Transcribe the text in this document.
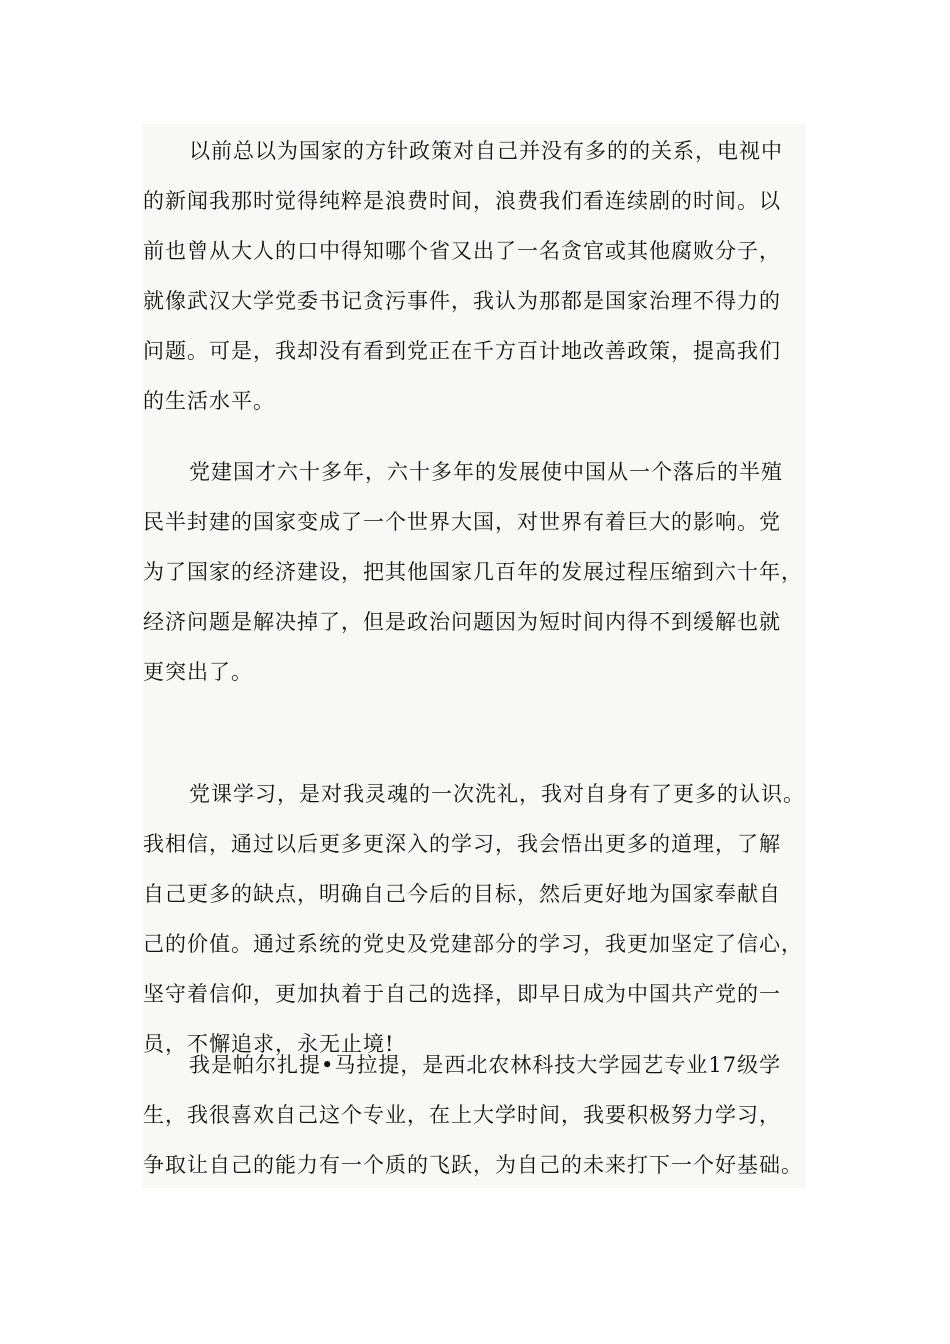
以前总以为国家的方针政策对自己并没有多的的关系，电视中
的新闻我那时觉得纯粹是浪费时间，浪费我们看连续剧的时间。以
前也曾从大人的口中得知哪个省又出了一名贪官或其他腐败分子，
就像武汉大学党委书记贪污事件，我认为那都是国家治理不得力的
问题。可是，我却没有看到党正在千方百计地改善政策，提高我们
的生活水平。
党建国才六十多年，六十多年的发展使中国从一个落后的半殖
民半封建的国家变成了一个世界大国，对世界有着巨大的影响。党
为了国家的经济建设，把其他国家几百年的发展过程压缩到六十年，
经济问题是解决掉了，但是政治问题因为短时间内得不到缓解也就
更突出了。
党课学习，是对我灵魂的一次洗礼，我对自身有了更多的认识。
我相信，通过以后更多更深入的学习，我会悟出更多的道理，了解
自己更多的缺点，明确自己今后的目标，然后更好地为国家奉献自
己的价值。通过系统的党史及党建部分的学习，我更加坚定了信心，
坚守着信仰，更加执着于自己的选择，即早日成为中国共产党的一
员，不懈追求，永无止境!
我是帕尔扎提•马拉提，是西北农林科技大学园艺专业17级学
生，我很喜欢自己这个专业，在上大学时间，我要积极努力学习，
争取让自己的能力有一个质的飞跃，为自己的未来打下一个好基础。
